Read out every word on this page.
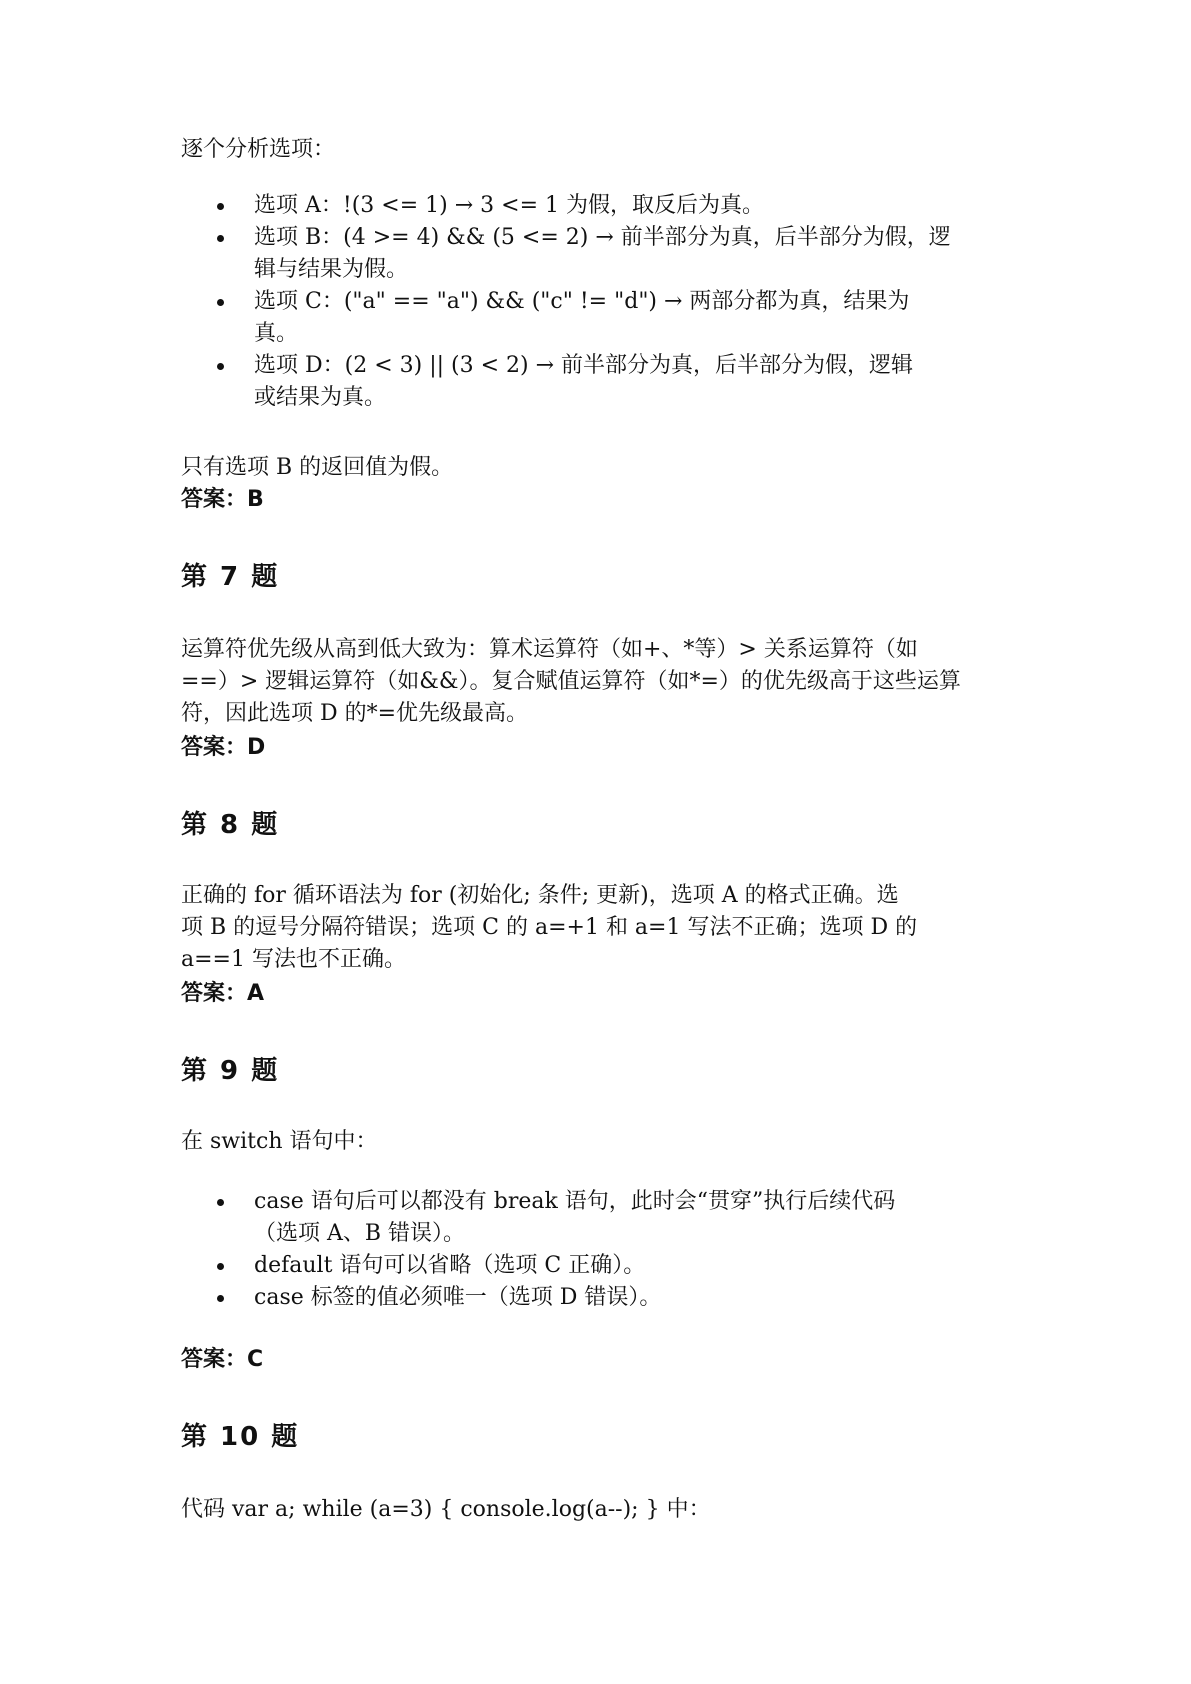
逐个分析选项：
选项 A：!(3 <= 1) → 3 <= 1 为假，取反后为真。
选项 B：(4 >= 4) && (5 <= 2) → 前半部分为真，后半部分为假，逻
辑与结果为假。
选项 C：("a" == "a") && ("c" != "d") → 两部分都为真，结果为
真。
选项 D：(2 < 3) || (3 < 2) → 前半部分为真，后半部分为假，逻辑
或结果为真。
只有选项 B 的返回值为假。
答案：B
第 7 题
运算符优先级从高到低大致为：算术运算符（如+、*等）> 关系运算符（如
==）> 逻辑运算符（如&&）。复合赋值运算符（如*=）的优先级高于这些运算
符，因此选项 D 的*=优先级最高。
答案：D
第 8 题
正确的 for 循环语法为 for (初始化; 条件; 更新)，选项 A 的格式正确。选
项 B 的逗号分隔符错误；选项 C 的 a=+1 和 a=1 写法不正确；选项 D 的
a==1 写法也不正确。
答案：A
第 9 题
在 switch 语句中：
case 语句后可以都没有 break 语句，此时会“贯穿”执行后续代码
（选项 A、B 错误）。
default 语句可以省略（选项 C 正确）。
case 标签的值必须唯一（选项 D 错误）。
答案：C
第 10 题
代码 var a; while (a=3) { console.log(a--); } 中：
